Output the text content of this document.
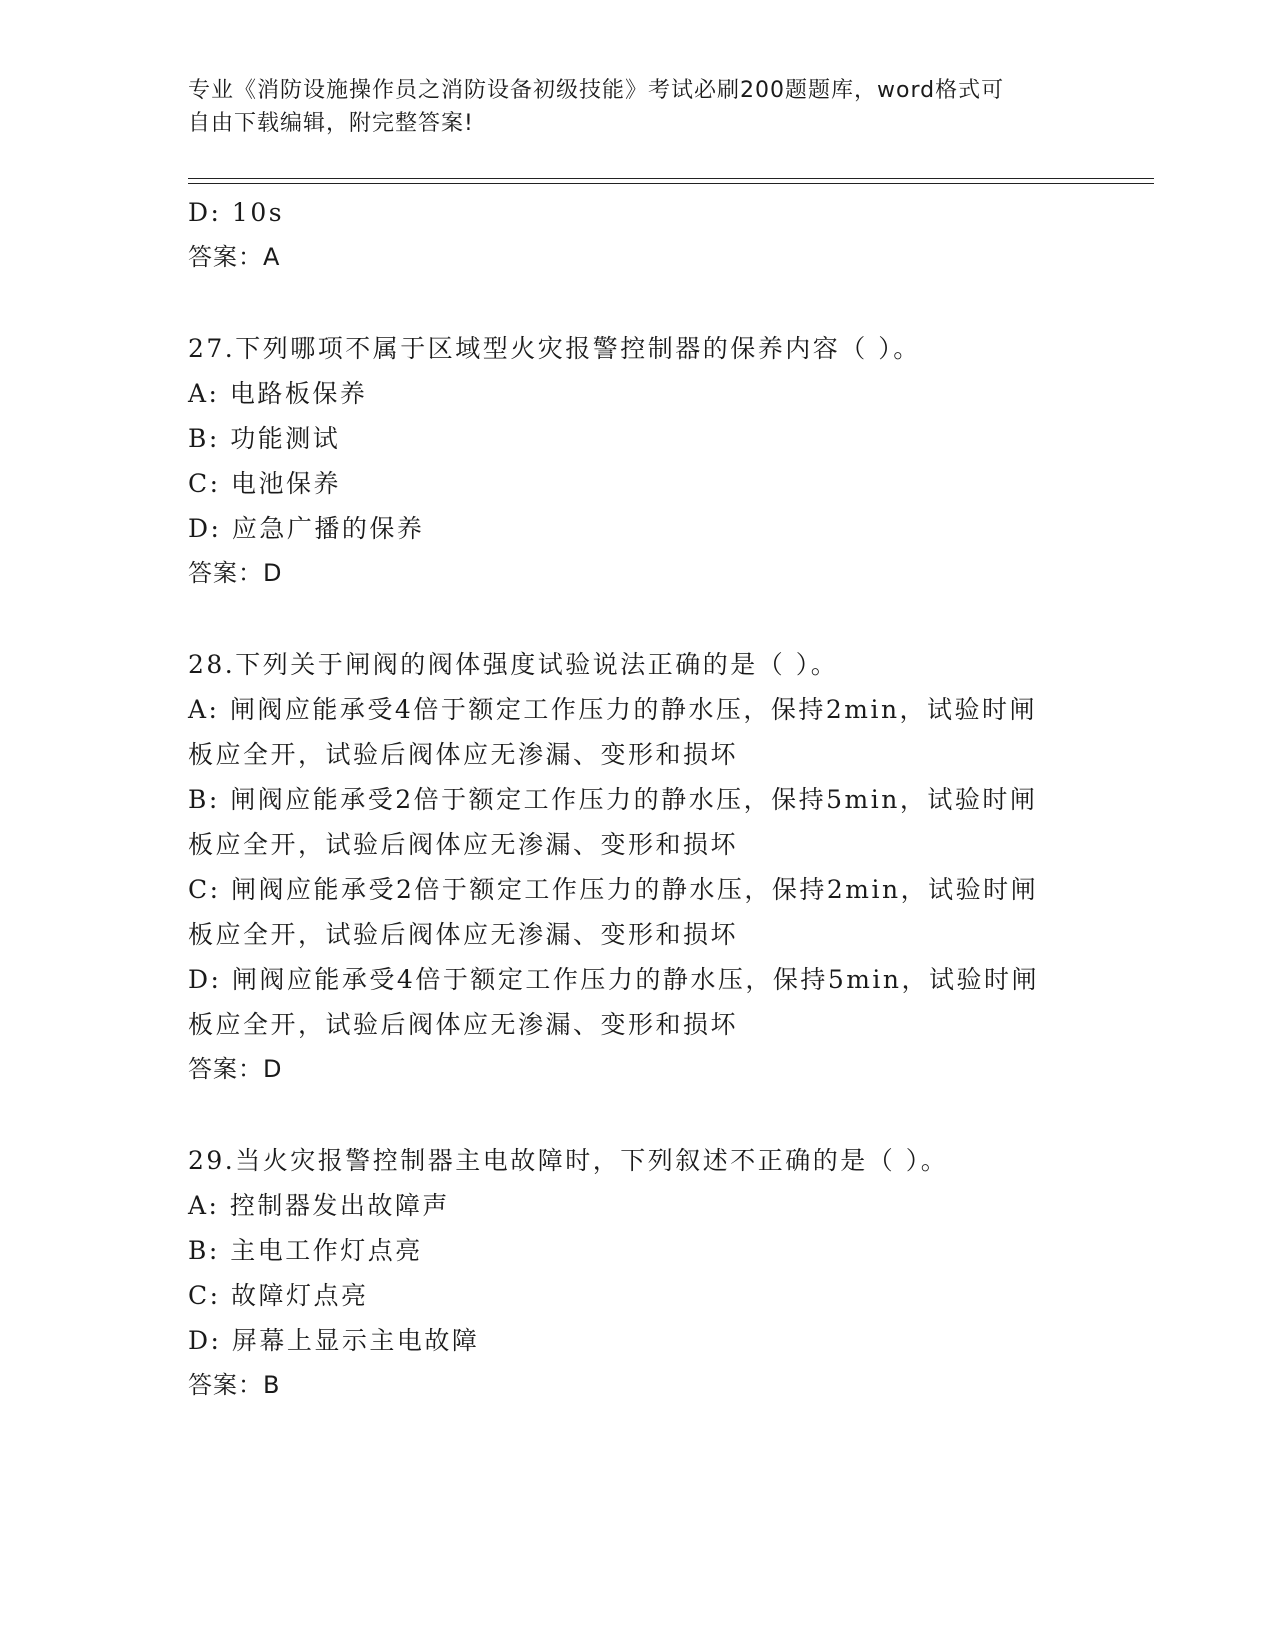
专业《消防设施操作员之消防设备初级技能》考试必刷200题题库，word格式可
自由下载编辑，附完整答案!
D: 10s
答案：A
27.下列哪项不属于区域型火灾报警控制器的保养内容（ ）。
A: 电路板保养
B: 功能测试
C: 电池保养
D: 应急广播的保养
答案：D
28.下列关于闸阀的阀体强度试验说法正确的是（ ）。
A: 闸阀应能承受4倍于额定工作压力的静水压，保持2min，试验时闸
板应全开，试验后阀体应无渗漏、变形和损坏
B: 闸阀应能承受2倍于额定工作压力的静水压，保持5min，试验时闸
板应全开，试验后阀体应无渗漏、变形和损坏
C: 闸阀应能承受2倍于额定工作压力的静水压，保持2min，试验时闸
板应全开，试验后阀体应无渗漏、变形和损坏
D: 闸阀应能承受4倍于额定工作压力的静水压，保持5min，试验时闸
板应全开，试验后阀体应无渗漏、变形和损坏
答案：D
29.当火灾报警控制器主电故障时，下列叙述不正确的是（ ）。
A: 控制器发出故障声
B: 主电工作灯点亮
C: 故障灯点亮
D: 屏幕上显示主电故障
答案：B
